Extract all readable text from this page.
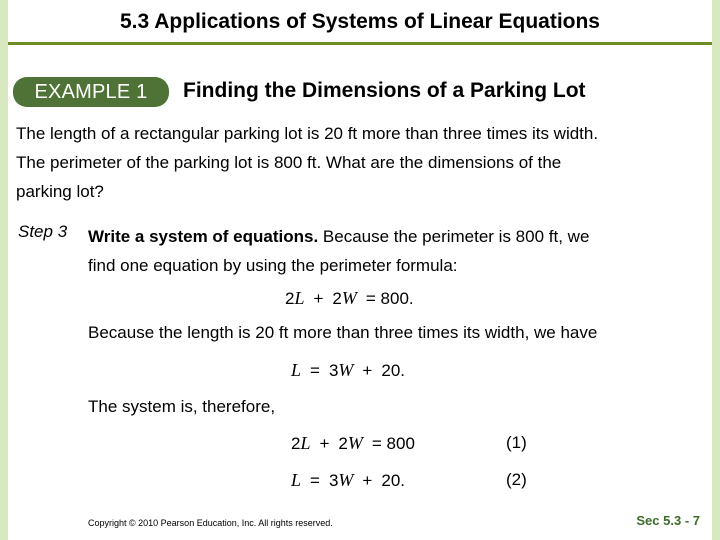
5.3 Applications of Systems of Linear Equations
EXAMPLE 1	Finding the Dimensions of a Parking Lot
The length of a rectangular parking lot is 20 ft more than three times its width.
The perimeter of the parking lot is 800 ft. What are the dimensions of the
parking lot?
Step 3 Write a system of equations. Because the perimeter is 800 ft, we
find one equation by using the perimeter formula:
2L + 2W = 800.
Because the length is 20 ft more than three times its width, we have
L = 3W + 20.
The system is, therefore,
2L + 2W = 800	(1)
L = 3W + 20.	(2)
Copyright © 2010 Pearson Education, Inc. All rights reserved.	Sec 5.3 - 7
